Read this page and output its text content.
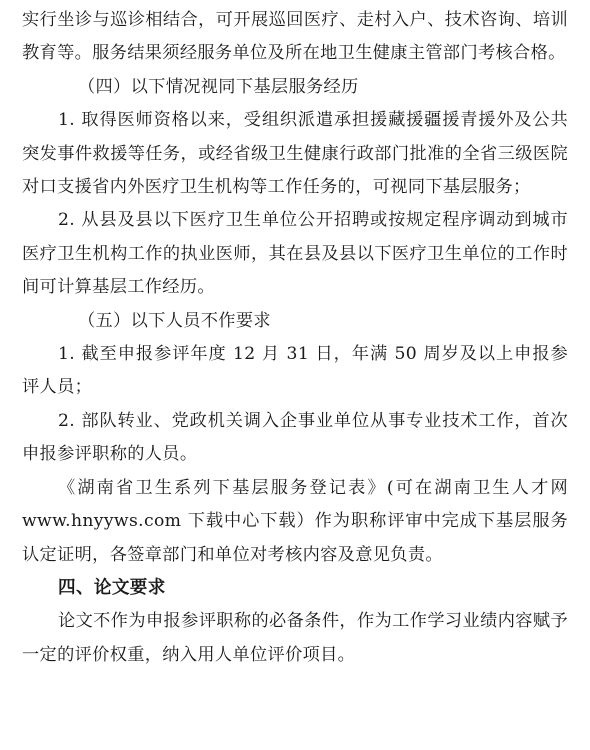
实行坐诊与巡诊相结合，可开展巡回医疗、走村入户、技术咨询、培训教育等。服务结果须经服务单位及所在地卫生健康主管部门考核合格。

（四）以下情况视同下基层服务经历

1. 取得医师资格以来，受组织派遣承担援藏援疆援青援外及公共突发事件救援等任务，或经省级卫生健康行政部门批准的全省三级医院对口支援省内外医疗卫生机构等工作任务的，可视同下基层服务；

2. 从县及县以下医疗卫生单位公开招聘或按规定程序调动到城市医疗卫生机构工作的执业医师，其在县及县以下医疗卫生单位的工作时间可计算基层工作经历。

（五）以下人员不作要求

1. 截至申报参评年度 12 月 31 日，年满 50 周岁及以上申报参评人员；

2. 部队转业、党政机关调入企事业单位从事专业技术工作，首次申报参评职称的人员。

《湖南省卫生系列下基层服务登记表》(可在湖南卫生人才网 www.hnyyws.com 下载中心下载）作为职称评审中完成下基层服务认定证明，各签章部门和单位对考核内容及意见负责。

四、论文要求

论文不作为申报参评职称的必备条件，作为工作学习业绩内容赋予一定的评价权重，纳入用人单位评价项目。
